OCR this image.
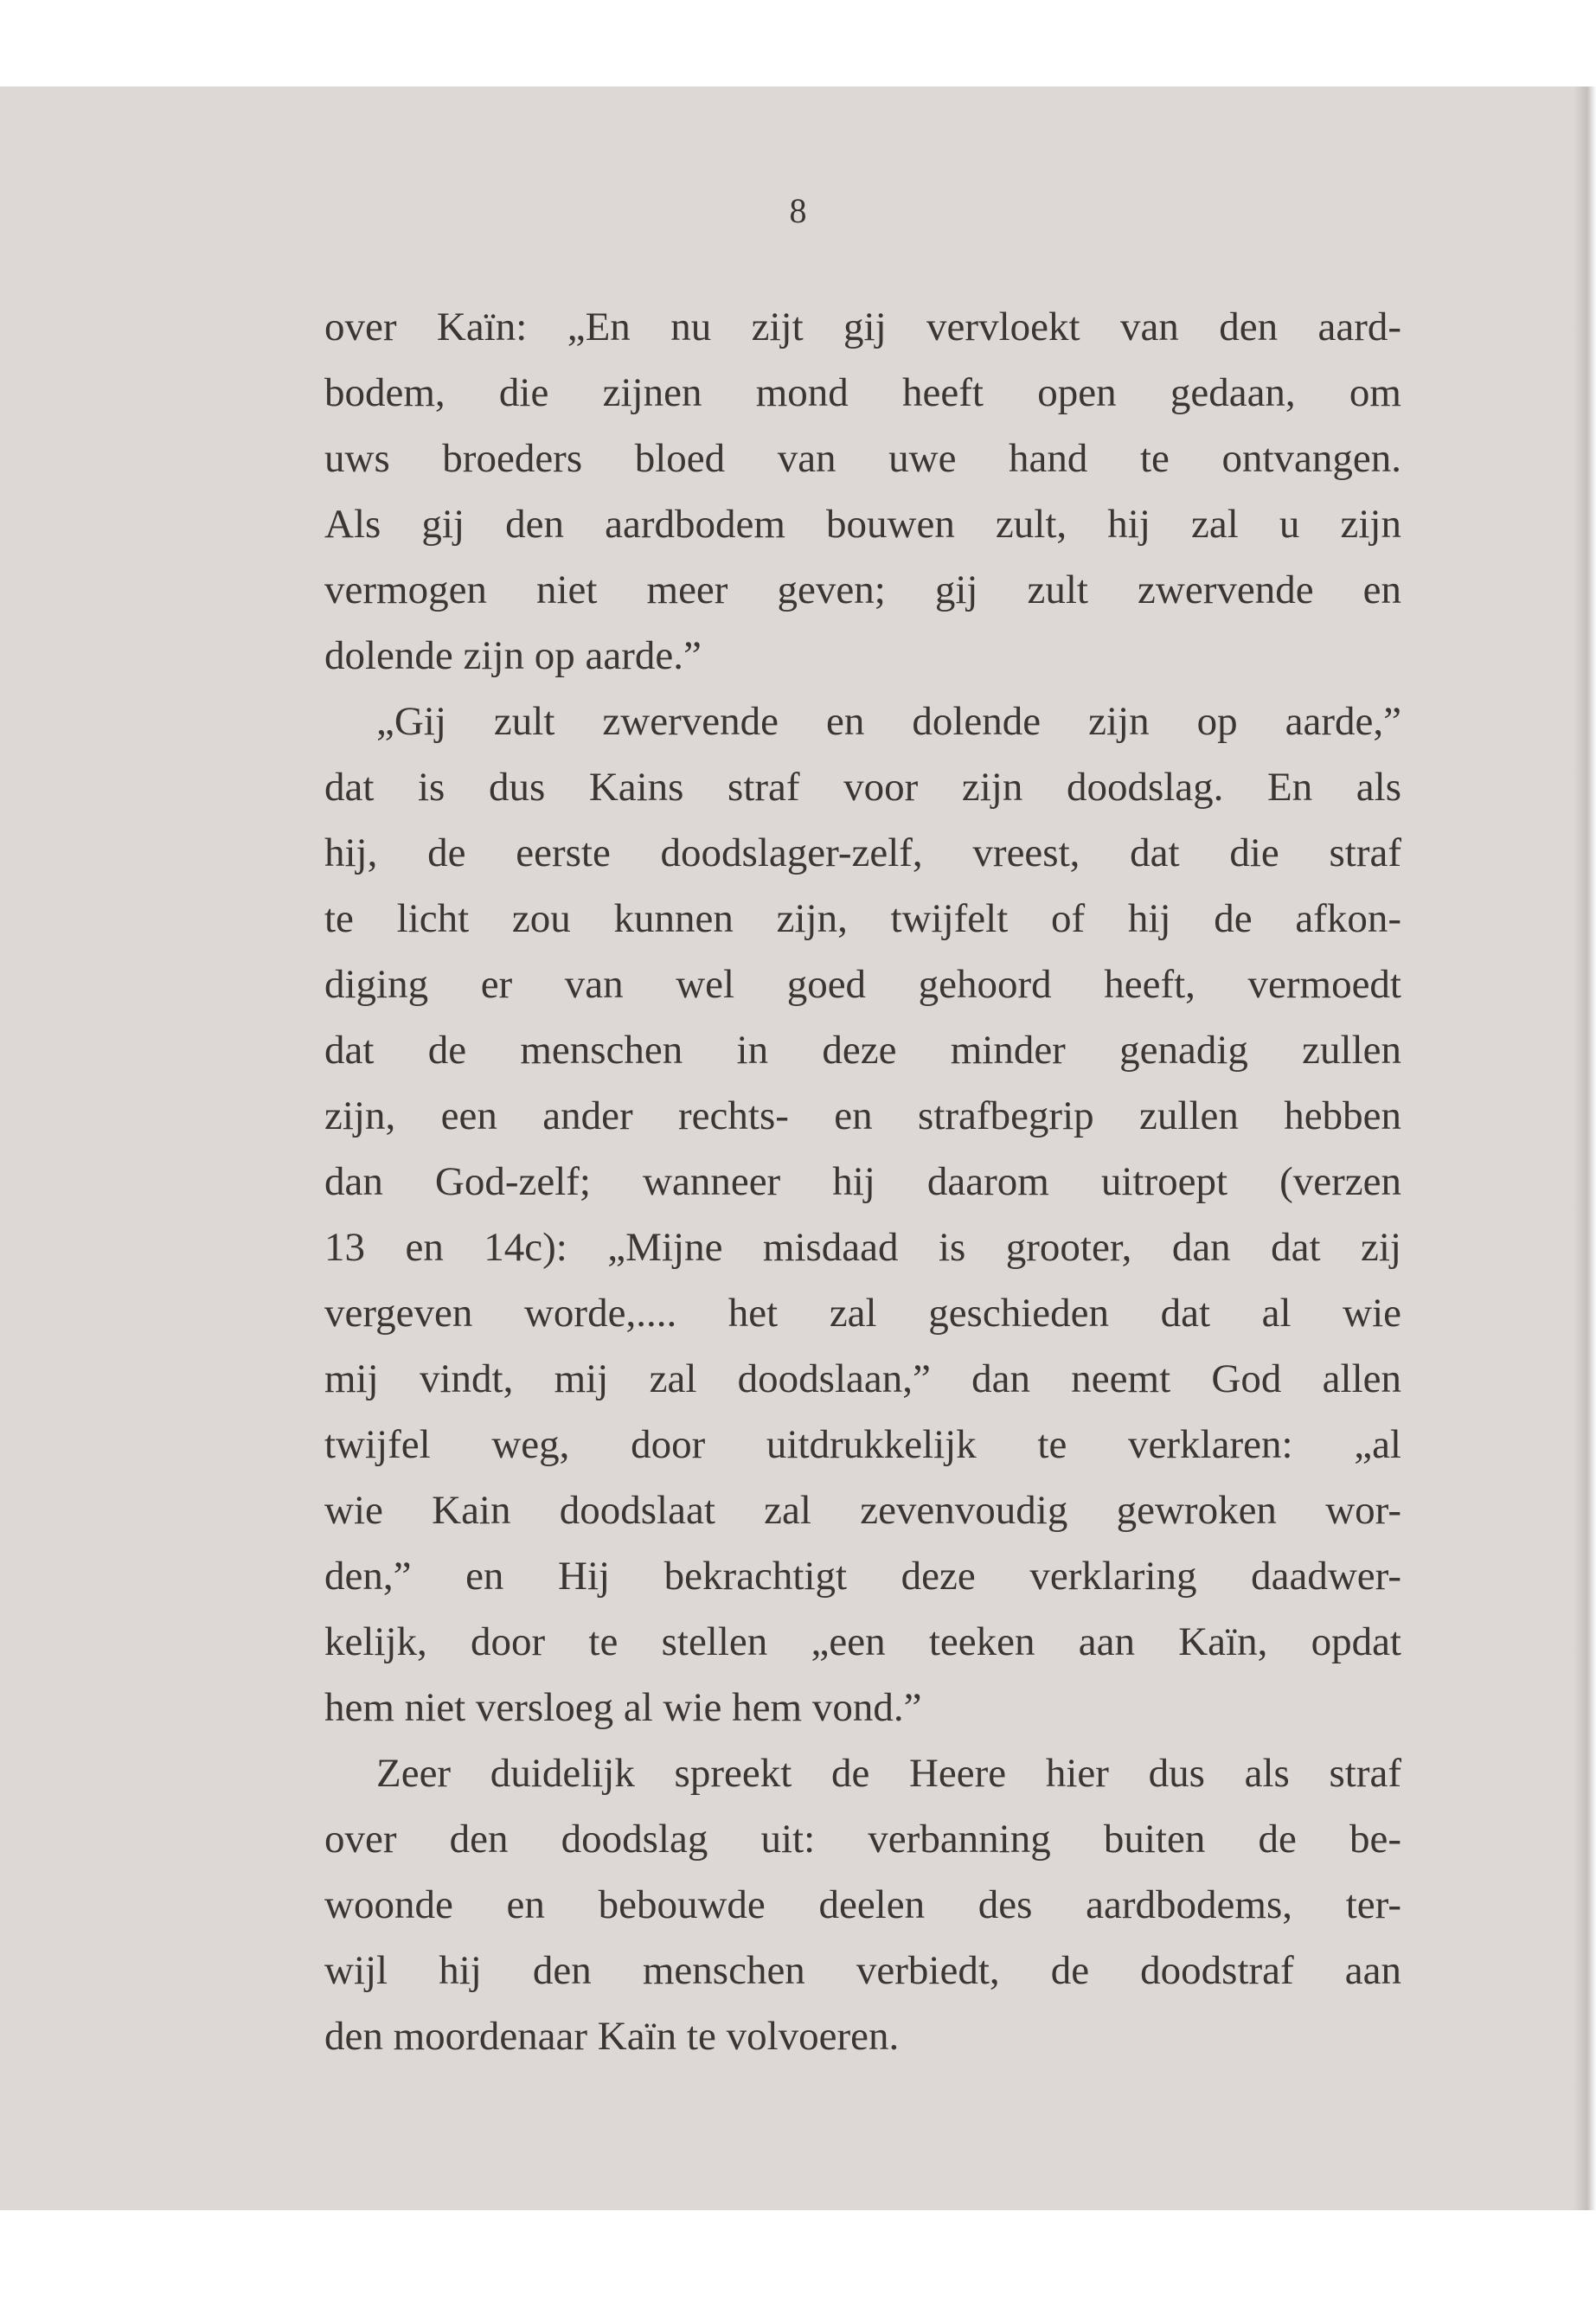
8
over Kaïn: „En nu zijt gij vervloekt van den aard-
bodem, die zijnen mond heeft open gedaan, om
uws broeders bloed van uwe hand te ontvangen.
Als gij den aardbodem bouwen zult, hij zal u zijn
vermogen niet meer geven; gij zult zwervende en
dolende zijn op aarde.”
„Gij zult zwervende en dolende zijn op aarde,”
dat is dus Kains straf voor zijn doodslag. En als
hij, de eerste doodslager-zelf, vreest, dat die straf
te licht zou kunnen zijn, twijfelt of hij de afkon-
diging er van wel goed gehoord heeft, vermoedt
dat de menschen in deze minder genadig zullen
zijn, een ander rechts- en strafbegrip zullen hebben
dan God-zelf; wanneer hij daarom uitroept (verzen
13 en 14c): „Mijne misdaad is grooter, dan dat zij
vergeven worde,.... het zal geschieden dat al wie
mij vindt, mij zal doodslaan,” dan neemt God allen
twijfel weg, door uitdrukkelijk te verklaren: „al
wie Kain doodslaat zal zevenvoudig gewroken wor-
den,” en Hij bekrachtigt deze verklaring daadwer-
kelijk, door te stellen „een teeken aan Kaïn, opdat
hem niet versloeg al wie hem vond.”
Zeer duidelijk spreekt de Heere hier dus als straf
over den doodslag uit: verbanning buiten de be-
woonde en bebouwde deelen des aardbodems, ter-
wijl hij den menschen verbiedt, de doodstraf aan
den moordenaar Kaïn te volvoeren.
